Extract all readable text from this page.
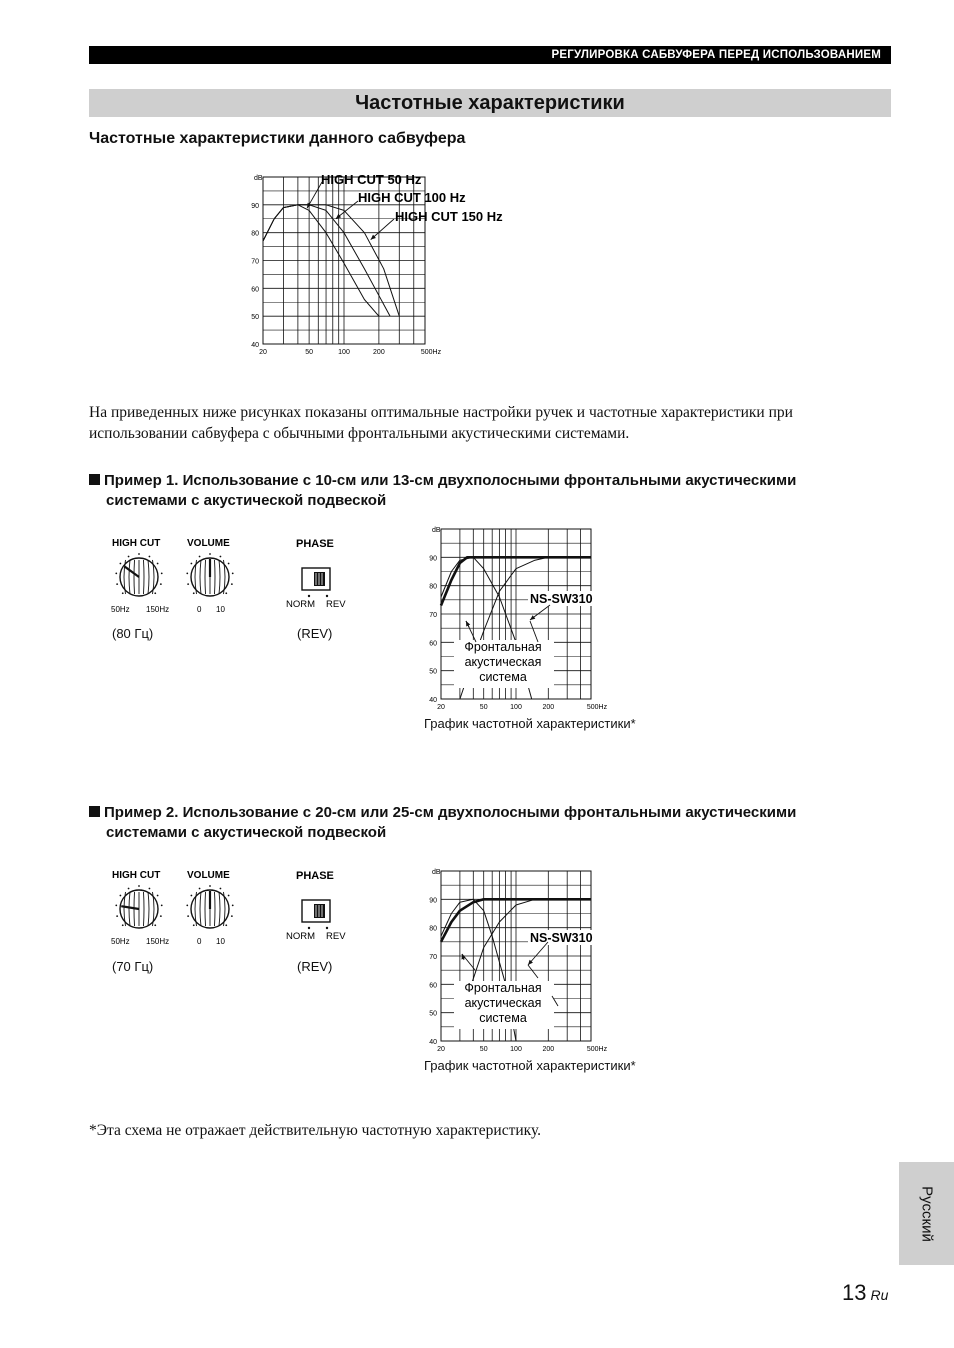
РЕГУЛИРОВКА САБВУФЕРА ПЕРЕД ИСПОЛЬЗОВАНИЕМ
Частотные характеристики
Частотные характеристики данного сабвуфера
dB
40
50
60
70
80
90
20	50	100	200	500Hz
HIGH CUT 50 Hz
HIGH CUT 100 Hz
HIGH CUT 150 Hz
На приведенных ниже рисунках показаны оптимальные настройки ручек и частотные характеристики при использовании сабвуфера с обычными фронтальными акустическими системами.
Пример 1. Использование с 10-см или 13-см двухполосными фронтальными акустическими
системами с акустической подвеской
HIGH CUT	VOLUME	PHASE
50Hz 150Hz	0 10	NORM REV
(80 Гц)	(REV)
dB
40
50
60
70
80
90
20	50	100	200	500Hz
NS-SW310
Фронтальная
акустическая
система
График частотной характеристики*
Пример 2. Использование с 20-см или 25-см двухполосными фронтальными акустическими
системами с акустической подвеской
HIGH CUT	VOLUME	PHASE
50Hz 150Hz	0 10	NORM REV
(70 Гц)	(REV)
dB
40
50
60
70
80
90
20	50	100	200	500Hz
NS-SW310
Фронтальная
акустическая
система
График частотной характеристики*
*Эта схема не отражает действительную частотную характеристику.
Русский
13 Ru
